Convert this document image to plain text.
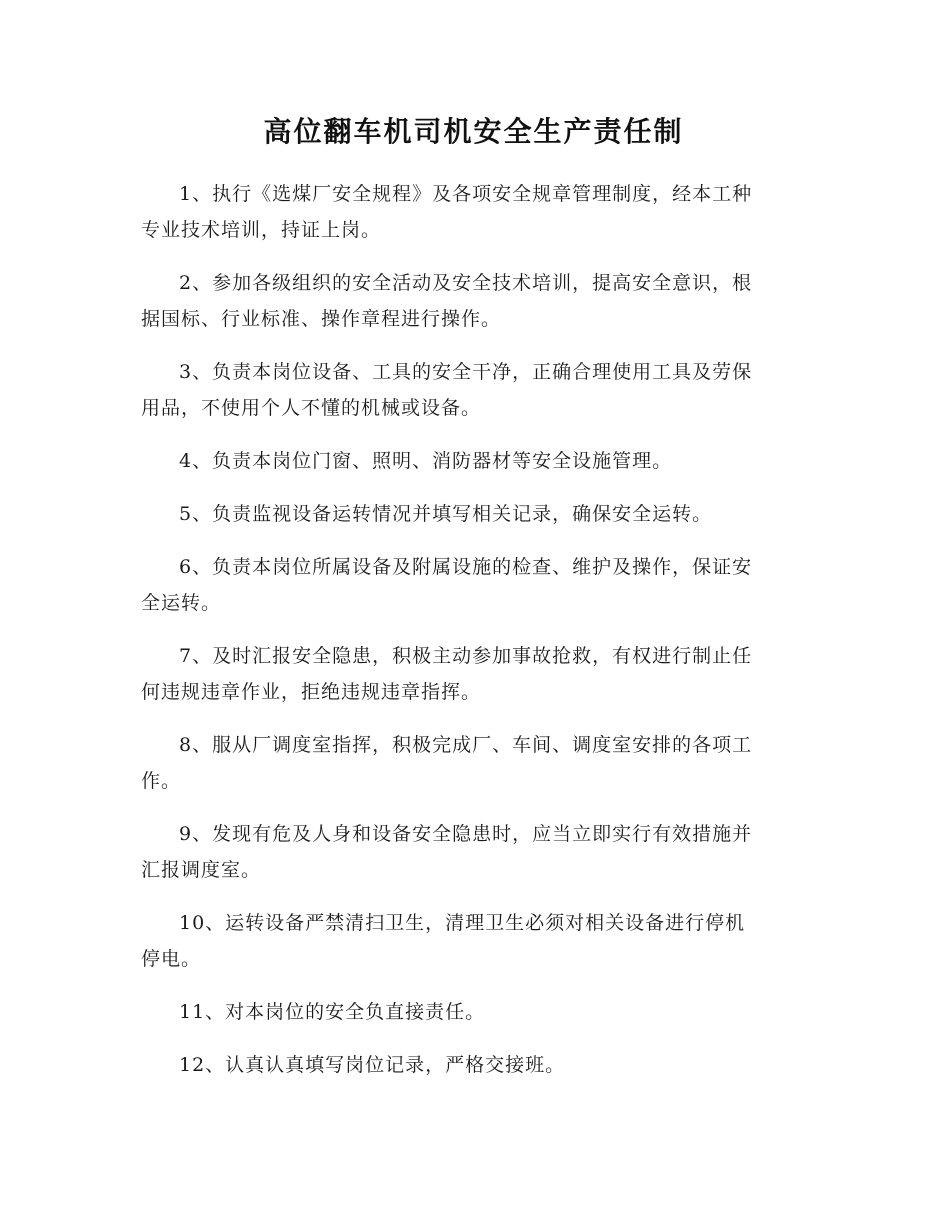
高位翻车机司机安全生产责任制

1、执行《选煤厂安全规程》及各项安全规章管理制度，经本工种
专业技术培训，持证上岗。

2、参加各级组织的安全活动及安全技术培训，提高安全意识，根
据国标、行业标准、操作章程进行操作。

3、负责本岗位设备、工具的安全干净，正确合理使用工具及劳保
用品，不使用个人不懂的机械或设备。

4、负责本岗位门窗、照明、消防器材等安全设施管理。

5、负责监视设备运转情况并填写相关记录，确保安全运转。

6、负责本岗位所属设备及附属设施的检查、维护及操作，保证安
全运转。

7、及时汇报安全隐患，积极主动参加事故抢救，有权进行制止任
何违规违章作业，拒绝违规违章指挥。

8、服从厂调度室指挥，积极完成厂、车间、调度室安排的各项工
作。

9、发现有危及人身和设备安全隐患时，应当立即实行有效措施并
汇报调度室。

10、运转设备严禁清扫卫生，清理卫生必须对相关设备进行停机
停电。

11、对本岗位的安全负直接责任。

12、认真认真填写岗位记录，严格交接班。
